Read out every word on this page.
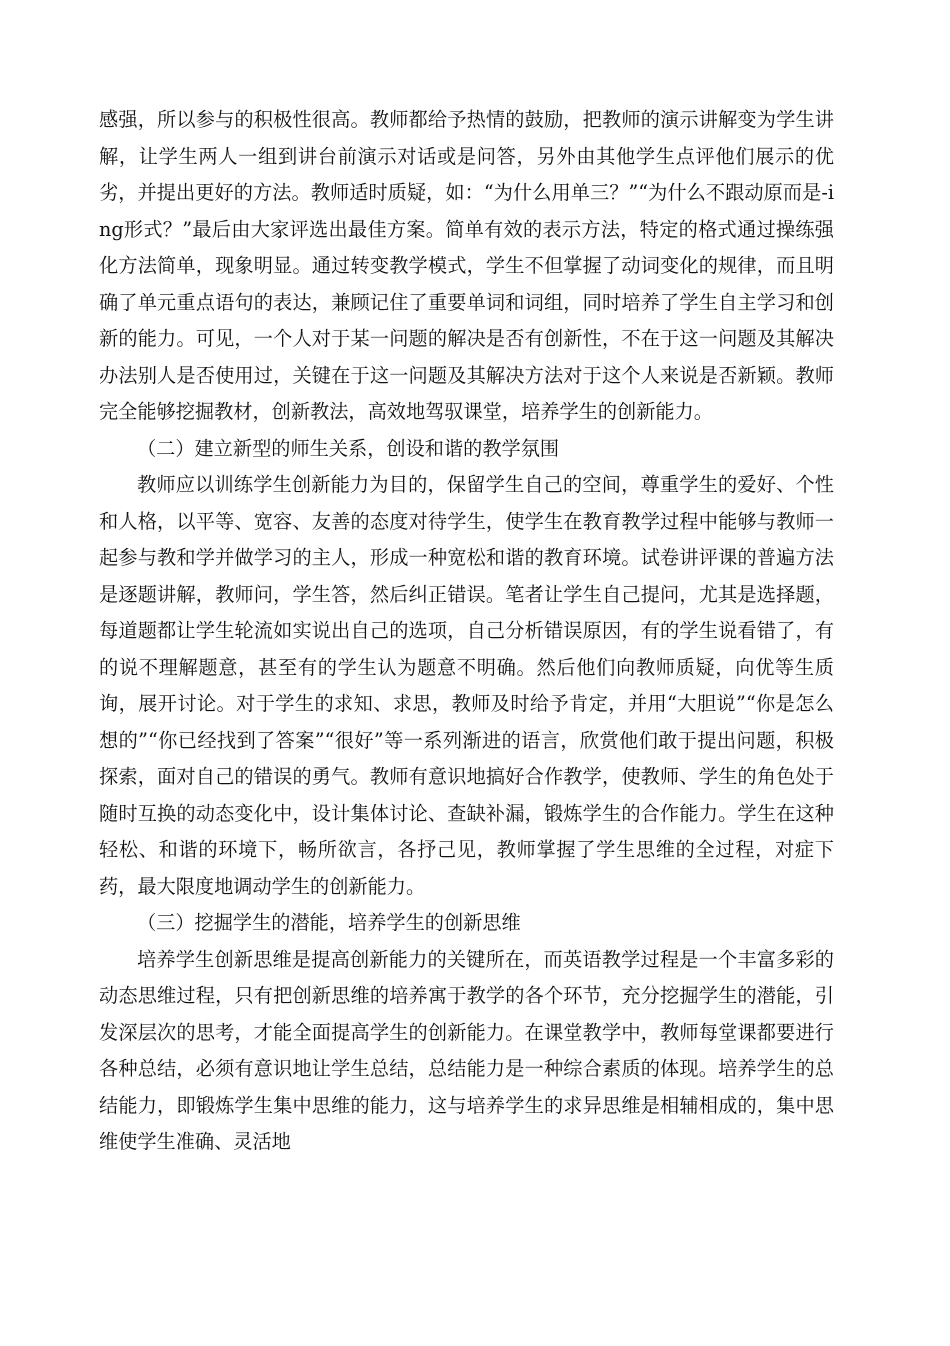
感强，所以参与的积极性很高。教师都给予热情的鼓励，把教师的演示讲解变为学生讲解，让学生两人一组到讲台前演示对话或是问答，另外由其他学生点评他们展示的优劣，并提出更好的方法。教师适时质疑，如：“为什么用单三？”“为什么不跟动原而是-ing形式？”最后由大家评选出最佳方案。简单有效的表示方法，特定的格式通过操练强化方法简单，现象明显。通过转变教学模式，学生不但掌握了动词变化的规律，而且明确了单元重点语句的表达，兼顾记住了重要单词和词组，同时培养了学生自主学习和创新的能力。可见，一个人对于某一问题的解决是否有创新性，不在于这一问题及其解决办法别人是否使用过，关键在于这一问题及其解决方法对于这个人来说是否新颖。教师完全能够挖掘教材，创新教法，高效地驾驭课堂，培养学生的创新能力。

（二）建立新型的师生关系，创设和谐的教学氛围

教师应以训练学生创新能力为目的，保留学生自己的空间，尊重学生的爱好、个性和人格，以平等、宽容、友善的态度对待学生，使学生在教育教学过程中能够与教师一起参与教和学并做学习的主人，形成一种宽松和谐的教育环境。试卷讲评课的普遍方法是逐题讲解，教师问，学生答，然后纠正错误。笔者让学生自己提问，尤其是选择题，每道题都让学生轮流如实说出自己的选项，自己分析错误原因，有的学生说看错了，有的说不理解题意，甚至有的学生认为题意不明确。然后他们向教师质疑，向优等生质询，展开讨论。对于学生的求知、求思，教师及时给予肯定，并用“大胆说”“你是怎么想的”“你已经找到了答案”“很好”等一系列渐进的语言，欣赏他们敢于提出问题，积极探索，面对自己的错误的勇气。教师有意识地搞好合作教学，使教师、学生的角色处于随时互换的动态变化中，设计集体讨论、查缺补漏，锻炼学生的合作能力。学生在这种轻松、和谐的环境下，畅所欲言，各抒己见，教师掌握了学生思维的全过程，对症下药，最大限度地调动学生的创新能力。

（三）挖掘学生的潜能，培养学生的创新思维

培养学生创新思维是提高创新能力的关键所在，而英语教学过程是一个丰富多彩的动态思维过程，只有把创新思维的培养寓于教学的各个环节，充分挖掘学生的潜能，引发深层次的思考，才能全面提高学生的创新能力。在课堂教学中，教师每堂课都要进行各种总结，必须有意识地让学生总结，总结能力是一种综合素质的体现。培养学生的总结能力，即锻炼学生集中思维的能力，这与培养学生的求异思维是相辅相成的，集中思维使学生准确、灵活地
